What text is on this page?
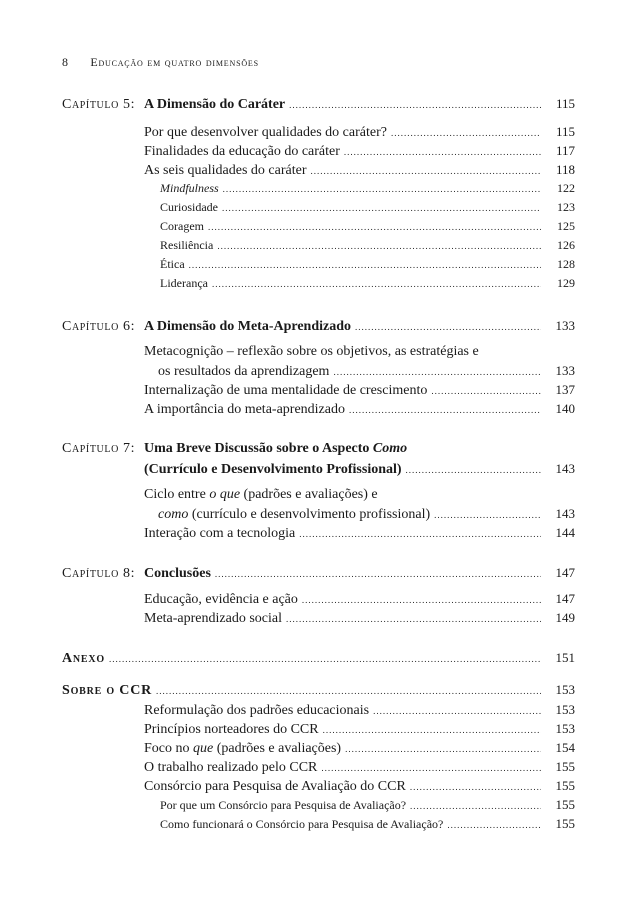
8 Educação em quatro dimensões
Capítulo 5: A Dimensão do Caráter .....	115
Por que desenvolver qualidades do caráter? .....	115
Finalidades da educação do caráter .....	117
As seis qualidades do caráter .....	118
Mindfulness .....	122
Curiosidade .....	123
Coragem .....	125
Resiliência .....	126
Ética .....	128
Liderança .....	129
Capítulo 6: A Dimensão do Meta-Aprendizado .....	133
Metacognição – reflexão sobre os objetivos, as estratégias e
os resultados da aprendizagem .....	133
Internalização de uma mentalidade de crescimento .....	137
A importância do meta-aprendizado .....	140
Capítulo 7: Uma Breve Discussão sobre o Aspecto Como
(Currículo e Desenvolvimento Profissional) .....	143
Ciclo entre o que (padrões e avaliações) e
como (currículo e desenvolvimento profissional) .....	143
Interação com a tecnologia .....	144
Capítulo 8: Conclusões .....	147
Educação, evidência e ação .....	147
Meta-aprendizado social .....	149
Anexo .....	151
Sobre o CCR .....	153
Reformulação dos padrões educacionais .....	153
Princípios norteadores do CCR .....	153
Foco no que (padrões e avaliações) .....	154
O trabalho realizado pelo CCR .....	155
Consórcio para Pesquisa de Avaliação do CCR .....	155
Por que um Consórcio para Pesquisa de Avaliação? .....	155
Como funcionará o Consórcio para Pesquisa de Avaliação? .....	155
